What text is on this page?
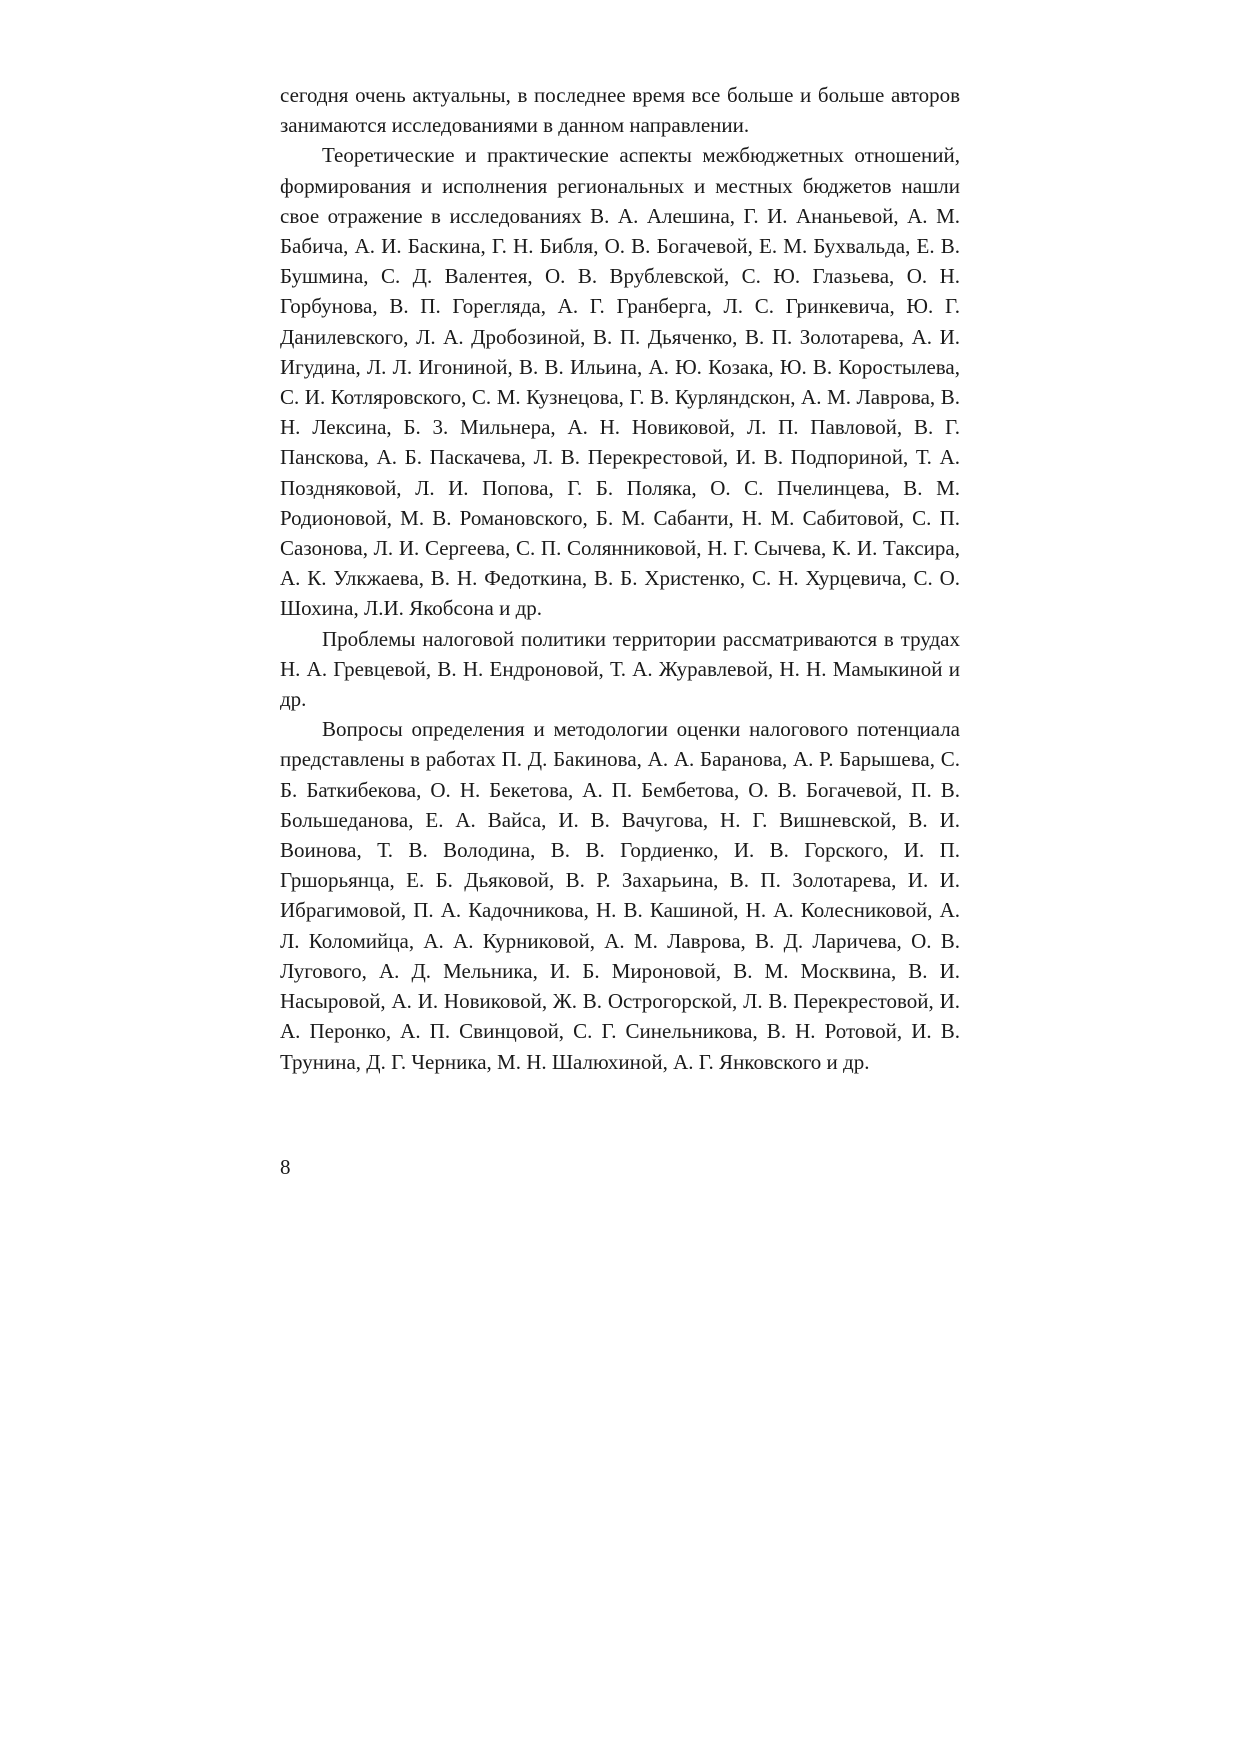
сегодня очень актуальны, в последнее время все больше и больше авторов занимаются исследованиями в данном направлении.

Теоретические и практические аспекты межбюджетных отношений, формирования и исполнения региональных и местных бюджетов нашли свое отражение в исследованиях В. А. Алешина, Г. И. Ананьевой, А. М. Бабича, А. И. Баскина, Г. Н. Библя, О. В. Богачевой, Е. М. Бухвальда, Е. В. Бушмина, С. Д. Валентея, О. В. Врублевской, С. Ю. Глазьева, О. Н. Горбунова, В. П. Горегляда, А. Г. Гранберга, Л. С. Гринкевича, Ю. Г. Данилевского, Л. А. Дробозиной, В. П. Дьяченко, В. П. Золотарева, А. И. Игудина, Л. Л. Игониной, В. В. Ильина, А. Ю. Козака, Ю. В. Коростылева, С. И. Котляровского, С. М. Кузнецова, Г. В. Курляндскон, А. М. Лаврова, В. Н. Лексина, Б. 3. Мильнера, А. Н. Новиковой, Л. П. Павловой, В. Г. Панскова, А. Б. Паскачева, Л. В. Перекрестовой, И. В. Подпориной, Т. А. Поздняковой, Л. И. Попова, Г. Б. Поляка, О. С. Пчелинцева, В. М. Родионовой, М. В. Романовского, Б. М. Сабанти, Н. М. Сабитовой, С. П. Сазонова, Л. И. Сергеева, С. П. Солянниковой, Н. Г. Сычева, К. И. Таксира, А. К. Улкжаева, В. Н. Федоткина, В. Б. Христенко, С. Н. Хурцевича, С. О. Шохина, Л.И. Якобсона и др.

Проблемы налоговой политики территории рассматриваются в трудах Н. А. Гревцевой, В. Н. Ендроновой, Т. А. Журавлевой, Н. Н. Мамыкиной и др.

Вопросы определения и методологии оценки налогового потенциала представлены в работах П. Д. Бакинова, А. А. Баранова, А. Р. Барышева, С. Б. Баткибекова, О. Н. Бекетова, А. П. Бембетова, О. В. Богачевой, П. В. Большеданова, Е. А. Вайса, И. В. Вачугова, Н. Г. Вишневской, В. И. Воинова, Т. В. Володина, В. В. Гордиенко, И. В. Горского, И. П. Гршорьянца, Е. Б. Дьяковой, В. Р. Захарьина, В. П. Золотарева, И. И. Ибрагимовой, П. А. Кадочникова, Н. В. Кашиной, Н. А. Колесниковой, А. Л. Коломийца, А. А. Курниковой, А. М. Лаврова, В. Д. Ларичева, О. В. Лугового, А. Д. Мельника, И. Б. Мироновой, В. М. Москвина, В. И. Насыровой, А. И. Новиковой, Ж. В. Острогорской, Л. В. Перекрестовой, И. А. Перонко, А. П. Свинцовой, С. Г. Синельникова, В. Н. Ротовой, И. В. Трунина, Д. Г. Черника, М. Н. Шалюхиной, А. Г. Янковского и др.

8
